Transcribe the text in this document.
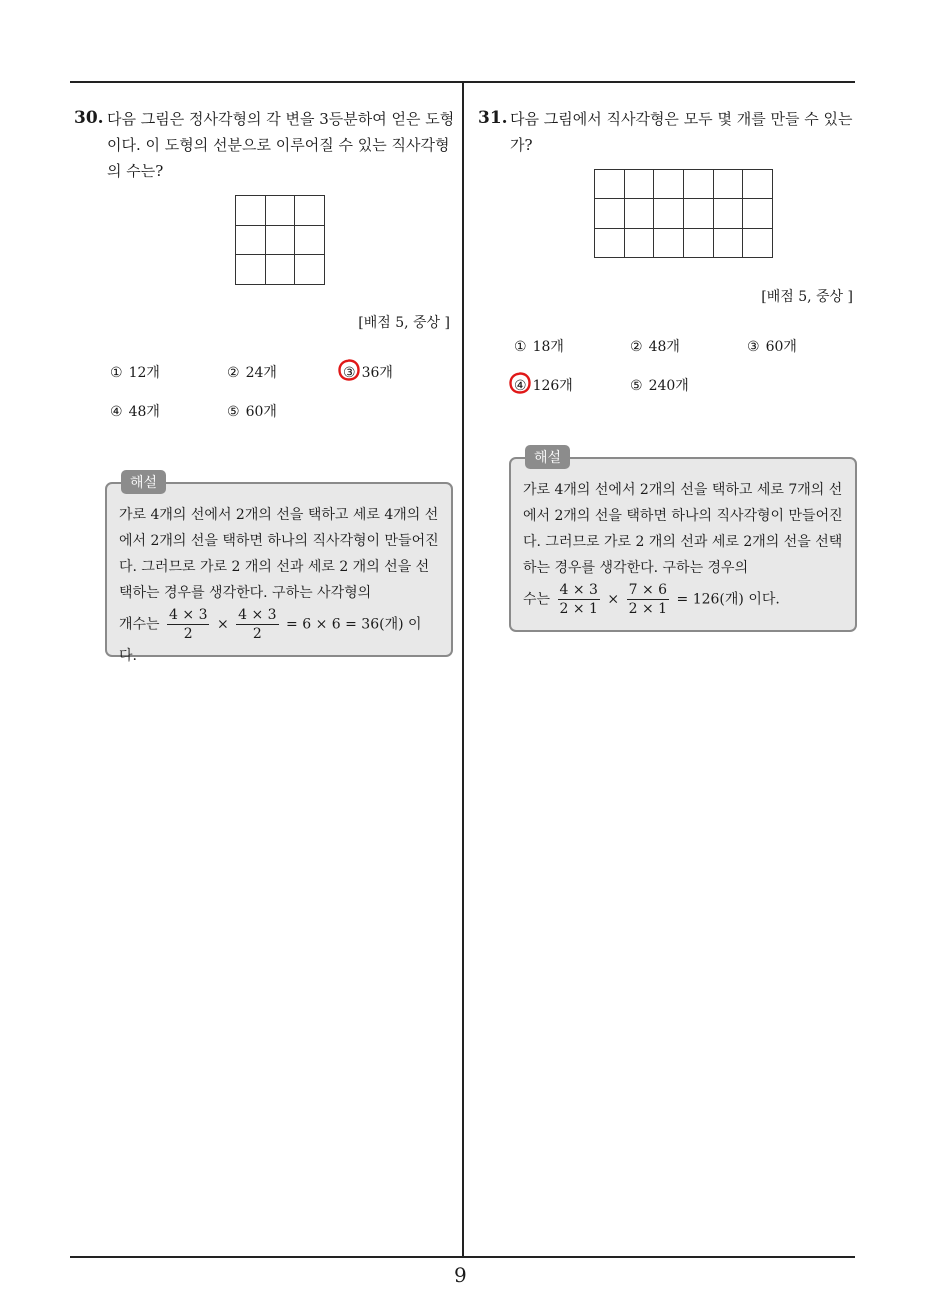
9
30. 다음 그림은 정사각형의 각 변을 3등분하여 얻은 도형이다. 이 도형의 선분으로 이루어질 수 있는 직사각형의 수는?
[배점 5, 중상 ]
① 12개	② 24개	③ 36개
④ 48개	⑤ 60개
해설
가로 4개의 선에서 2개의 선을 택하고 세로 4개의 선에서 2개의 선을 택하면 하나의 직사각형이 만들어진다. 그러므로 가로 2 개의 선과 세로 2 개의 선을 선택하는 경우를 생각한다. 구하는 사각형의
개수는 $\frac{4 \times 3}{2} \times \frac{4 \times 3}{2} = 6 \times 6 = 36$(개) 이다.
31. 다음 그림에서 직사각형은 모두 몇 개를 만들 수 있는가?
[배점 5, 중상 ]
① 18개	② 48개	③ 60개
④ 126개	⑤ 240개
해설
가로 4개의 선에서 2개의 선을 택하고 세로 7개의 선에서 2개의 선을 택하면 하나의 직사각형이 만들어진다. 그러므로 가로 2 개의 선과 세로 2개의 선을 선택하는 경우를 생각한다. 구하는 경우의
수는 $\frac{4 \times 3}{2 \times 1} \times \frac{7 \times 6}{2 \times 1} = 126$(개) 이다.
